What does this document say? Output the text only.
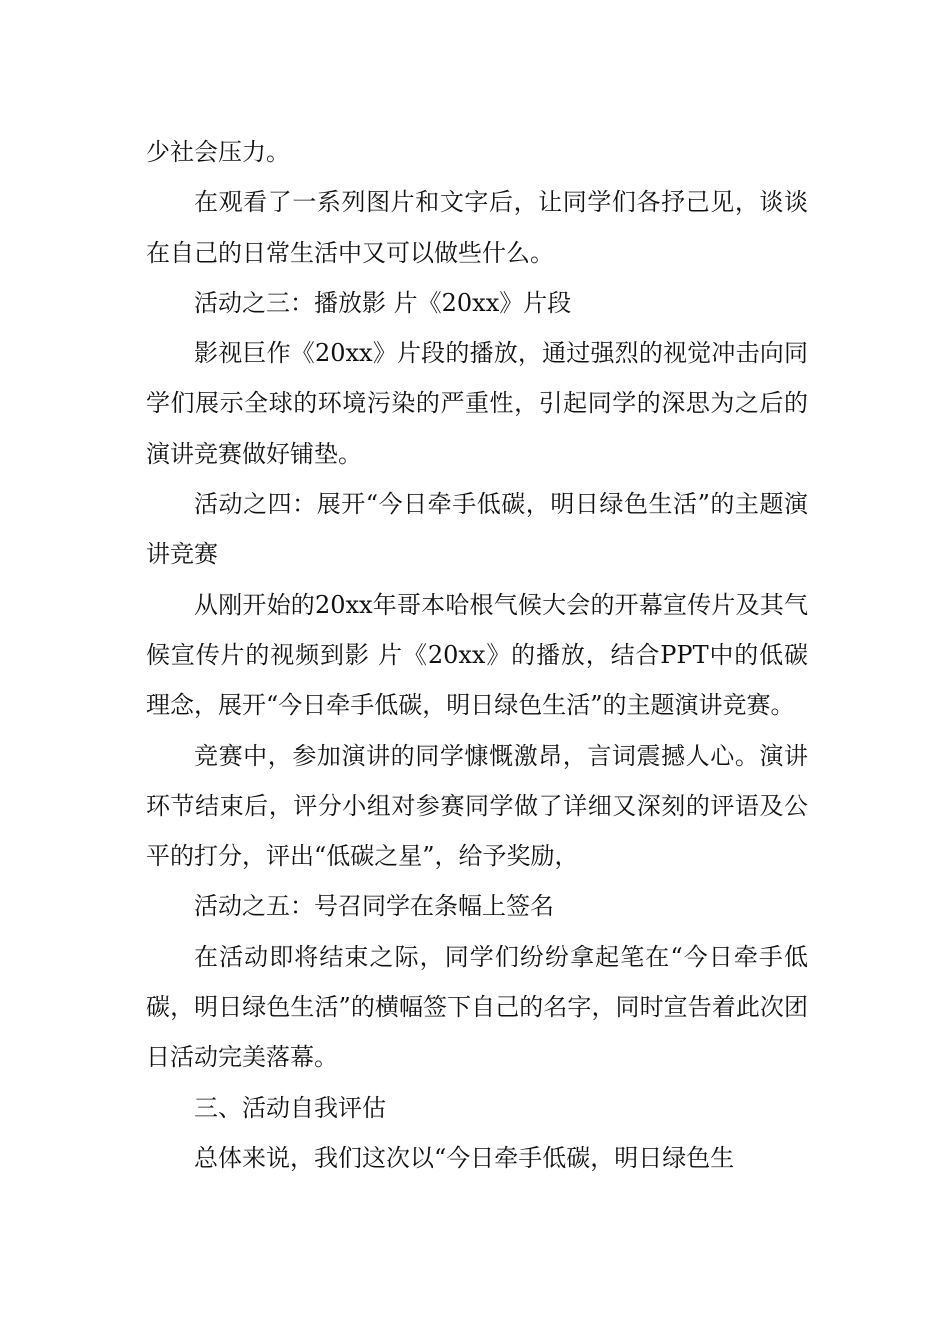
少社会压力。

在观看了一系列图片和文字后，让同学们各抒己见，谈谈在自己的日常生活中又可以做些什么。

活动之三：播放影 片《20xx》片段

影视巨作《20xx》片段的播放，通过强烈的视觉冲击向同学们展示全球的环境污染的严重性，引起同学的深思为之后的演讲竞赛做好铺垫。

活动之四：展开“今日牵手低碳，明日绿色生活”的主题演讲竞赛

从刚开始的20xx年哥本哈根气候大会的开幕宣传片及其气候宣传片的视频到影 片《20xx》的播放，结合PPT中的低碳理念，展开“今日牵手低碳，明日绿色生活”的主题演讲竞赛。

竞赛中，参加演讲的同学慷慨激昂，言词震撼人心。演讲环节结束后，评分小组对参赛同学做了详细又深刻的评语及公平的打分，评出“低碳之星”，给予奖励，

活动之五：号召同学在条幅上签名

在活动即将结束之际，同学们纷纷拿起笔在“今日牵手低碳，明日绿色生活”的横幅签下自己的名字，同时宣告着此次团日活动完美落幕。

三、活动自我评估

总体来说，我们这次以“今日牵手低碳，明日绿色生
